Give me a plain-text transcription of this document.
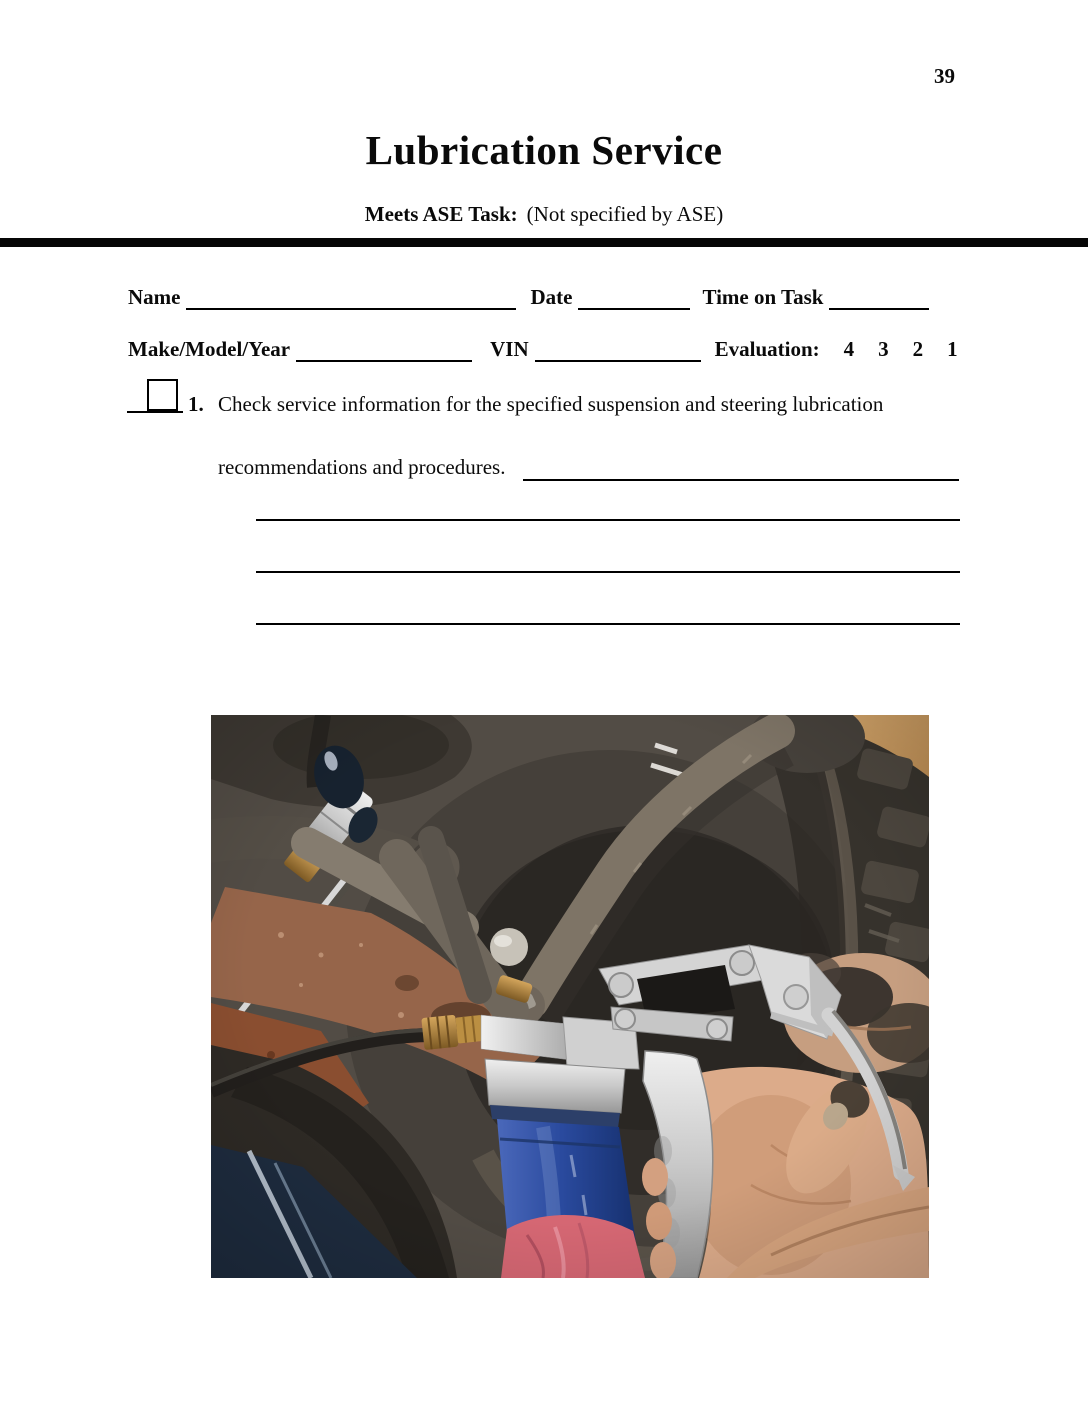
39
Lubrication Service
Meets ASE Task: (Not specified by ASE)
Name	Date	Time on Task
Make/Model/Year	VIN	Evaluation: 4 3 2 1
1. Check service information for the specified suspension and steering lubrication
recommendations and procedures.
